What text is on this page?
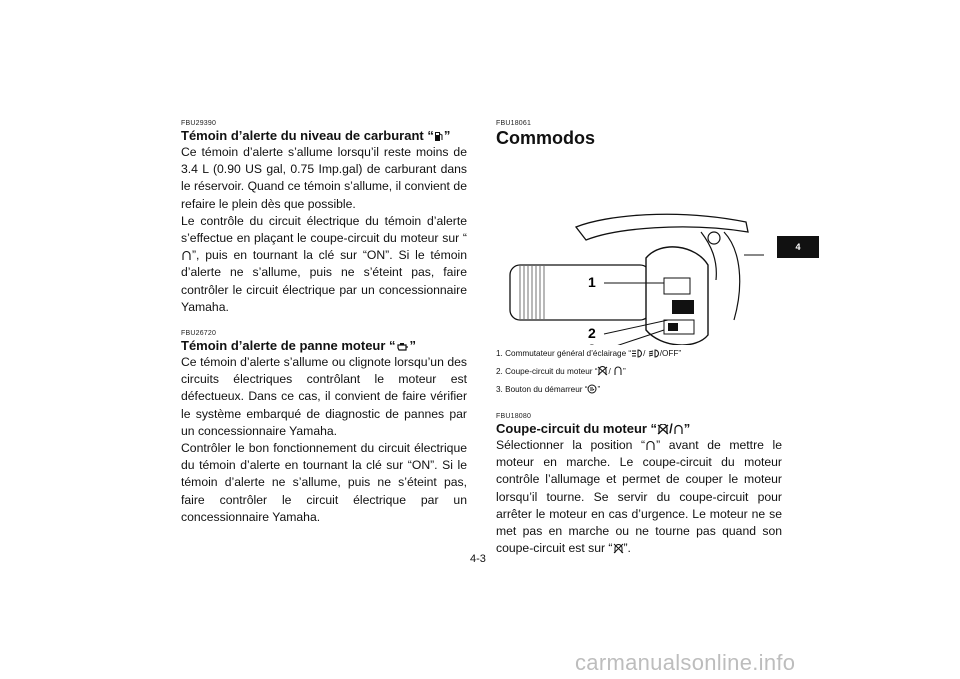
FBU29390
Témoin d’alerte du niveau de carburant “ ”

Ce témoin d’alerte s’allume lorsqu’il reste moins de 3.4 L (0.90 US gal, 0.75 Imp.gal) de carburant dans le réservoir. Quand ce témoin s’allume, il convient de refaire le plein dès que possible.

Le contrôle du circuit électrique du témoin d’alerte s’effectue en plaçant le coupe-circuit du moteur sur “”, puis en tournant la clé sur “ON”. Si le témoin d’alerte ne s’allume, puis ne s’éteint pas, faire contrôler le circuit électrique par un concessionnaire Yamaha.

FBU26720
Témoin d’alerte de panne moteur “ ”

Ce témoin d’alerte s’allume ou clignote lorsqu’un des circuits électriques contrôlant le moteur est défectueux. Dans ce cas, il convient de faire vérifier le système embarqué de diagnostic de pannes par un concessionnaire Yamaha.

Contrôler le bon fonctionnement du circuit électrique du témoin d’alerte en tournant la clé sur “ON”. Si le témoin d’alerte ne s’allume, puis ne s’éteint pas, faire contrôler le circuit électrique par un concessionnaire Yamaha.

FBU18061
Commodos
1
2
1. Commutateur général d’éclairage “ / /OFF”
2. Coupe-circuit du moteur “ / ”
3. Bouton du démarreur “ ”
FBU18080
Coupe-circuit du moteur “ / ”

Sélectionner la position “ ” avant de mettre le moteur en marche. Le coupe-circuit du moteur contrôle l’allumage et permet de couper le moteur lorsqu’il tourne. Se servir du coupe-circuit pour arrêter le moteur en cas d’urgence. Le moteur ne se met pas en marche ou ne tourne pas quand son coupe-circuit est sur “ ”.

4
4-3
carmanualsonline.info
